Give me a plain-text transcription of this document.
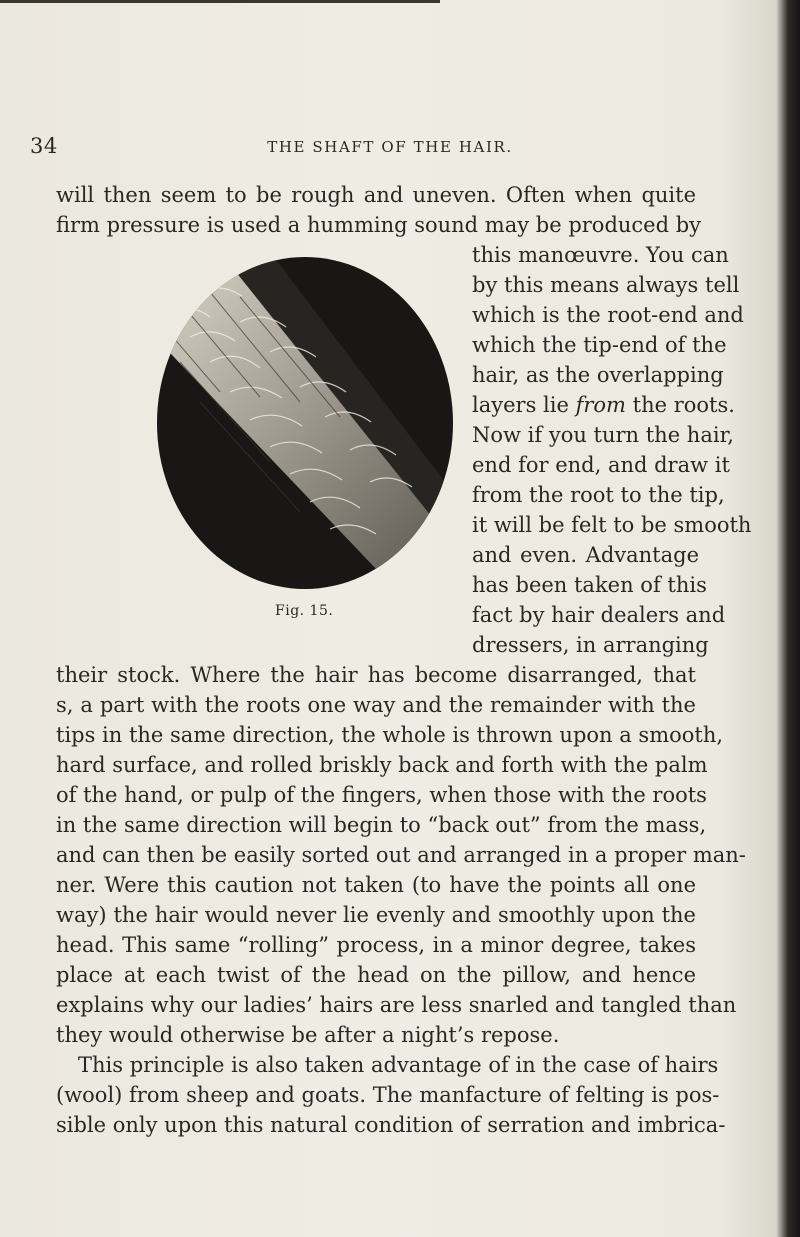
34	THE SHAFT OF THE HAIR.
will then seem to be rough and uneven. Often when quite
firm pressure is used a humming sound may be produced by
Fig. 15.
this manœuvre. You can
by this means always tell
which is the root-end and
which the tip-end of the
hair, as the overlapping
layers lie from the roots.
Now if you turn the hair,
end for end, and draw it
from the root to the tip,
it will be felt to be smooth
and even. Advantage
has been taken of this
fact by hair dealers and
dressers, in arranging
their stock. Where the hair has become disarranged, that
s, a part with the roots one way and the remainder with the
tips in the same direction, the whole is thrown upon a smooth,
hard surface, and rolled briskly back and forth with the palm
of the hand, or pulp of the fingers, when those with the roots
in the same direction will begin to “back out” from the mass,
and can then be easily sorted out and arranged in a proper man-
ner. Were this caution not taken (to have the points all one
way) the hair would never lie evenly and smoothly upon the
head. This same “rolling” process, in a minor degree, takes
place at each twist of the head on the pillow, and hence
explains why our ladies’ hairs are less snarled and tangled than
they would otherwise be after a night’s repose.
This principle is also taken advantage of in the case of hairs
(wool) from sheep and goats. The manfacture of felting is pos-
sible only upon this natural condition of serration and imbrica-
